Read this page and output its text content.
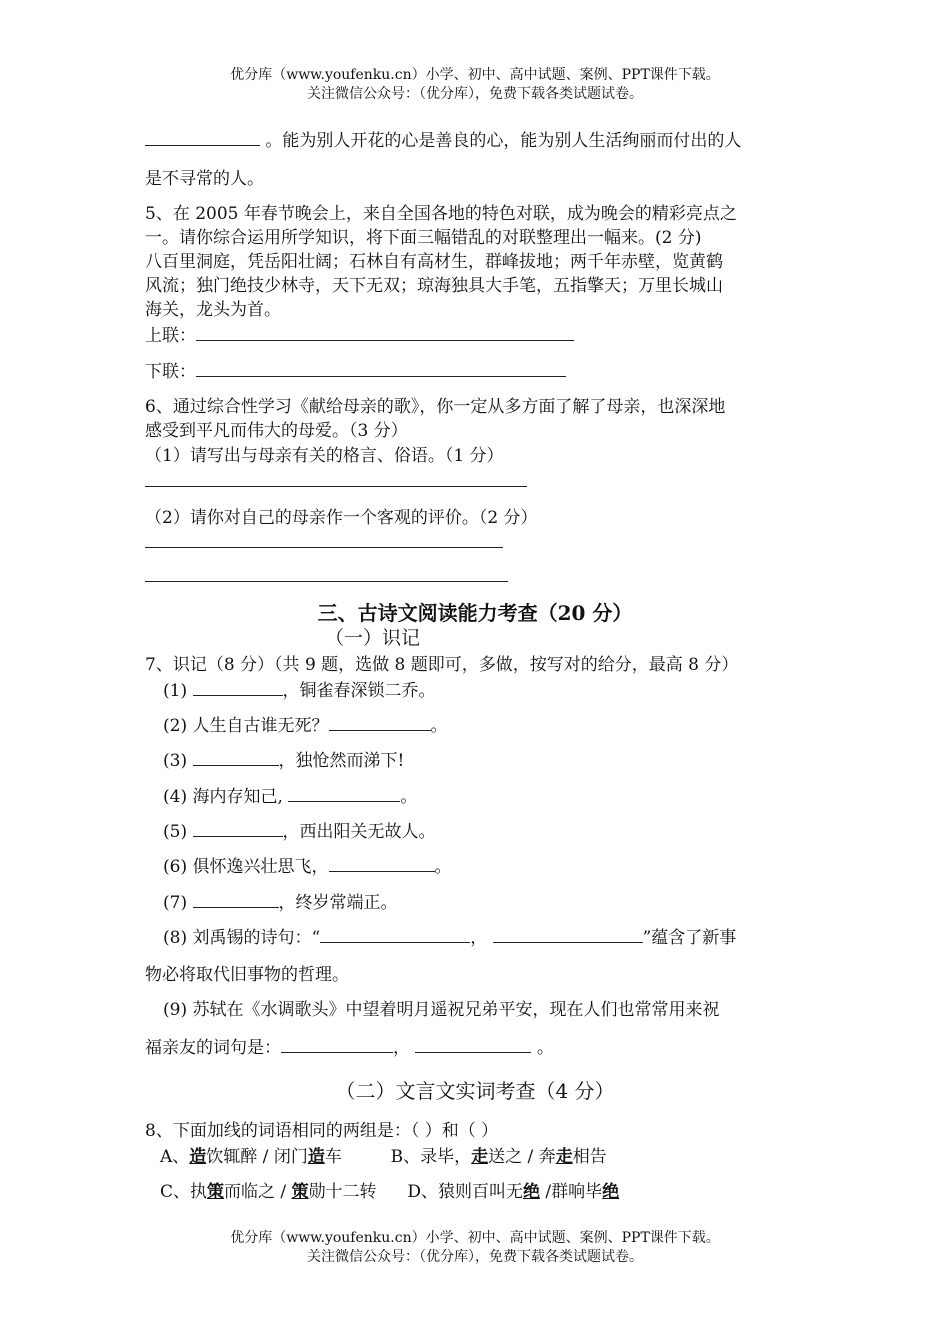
优分库（www.youfenku.cn）小学、初中、高中试题、案例、PPT课件下载。
关注微信公众号：（优分库），免费下载各类试题试卷。
。能为别人开花的心是善良的心，能为别人生活绚丽而付出的人
是不寻常的人。
5、在 2005 年春节晚会上，来自全国各地的特色对联，成为晚会的精彩亮点之
一。请你综合运用所学知识，将下面三幅错乱的对联整理出一幅来。(2 分)
八百里洞庭，凭岳阳壮阔；石林自有高材生，群峰拔地；两千年赤壁，览黄鹤
风流；独门绝技少林寺，天下无双；琼海独具大手笔，五指擎天；万里长城山
海关，龙头为首。
上联：
下联：
6、通过综合性学习《献给母亲的歌》，你一定从多方面了解了母亲，也深深地
感受到平凡而伟大的母爱。（3 分）
（1）请写出与母亲有关的格言、俗语。（1 分）
（2）请你对自己的母亲作一个客观的评价。（2 分）
三、古诗文阅读能力考查（20 分）
（一）识记
7、识记（8 分）（共 9 题，选做 8 题即可，多做，按写对的给分，最高 8 分）
(1)	，铜雀春深锁二乔。
(2) 人生自古谁无死？	。
(3)	，独怆然而涕下!
(4) 海内存知己,	。
(5)	，西出阳关无故人。
(6) 俱怀逸兴壮思飞，	。
(7)	，终岁常端正。
(8) 刘禹锡的诗句：“	，	”蕴含了新事
物必将取代旧事物的哲理。
(9) 苏轼在《水调歌头》中望着明月遥祝兄弟平安，现在人们也常常用来祝
福亲友的词句是：	，	。
（二）文言文实词考查（4 分）
8、下面加线的词语相同的两组是：（ ）和（ ）
A、造饮辄醉 / 闭门造车	B、录毕，走送之 / 奔走相告
C、执策而临之 / 策勋十二转 D、猿则百叫无绝 /群响毕绝
优分库（www.youfenku.cn）小学、初中、高中试题、案例、PPT课件下载。
关注微信公众号：（优分库），免费下载各类试题试卷。
